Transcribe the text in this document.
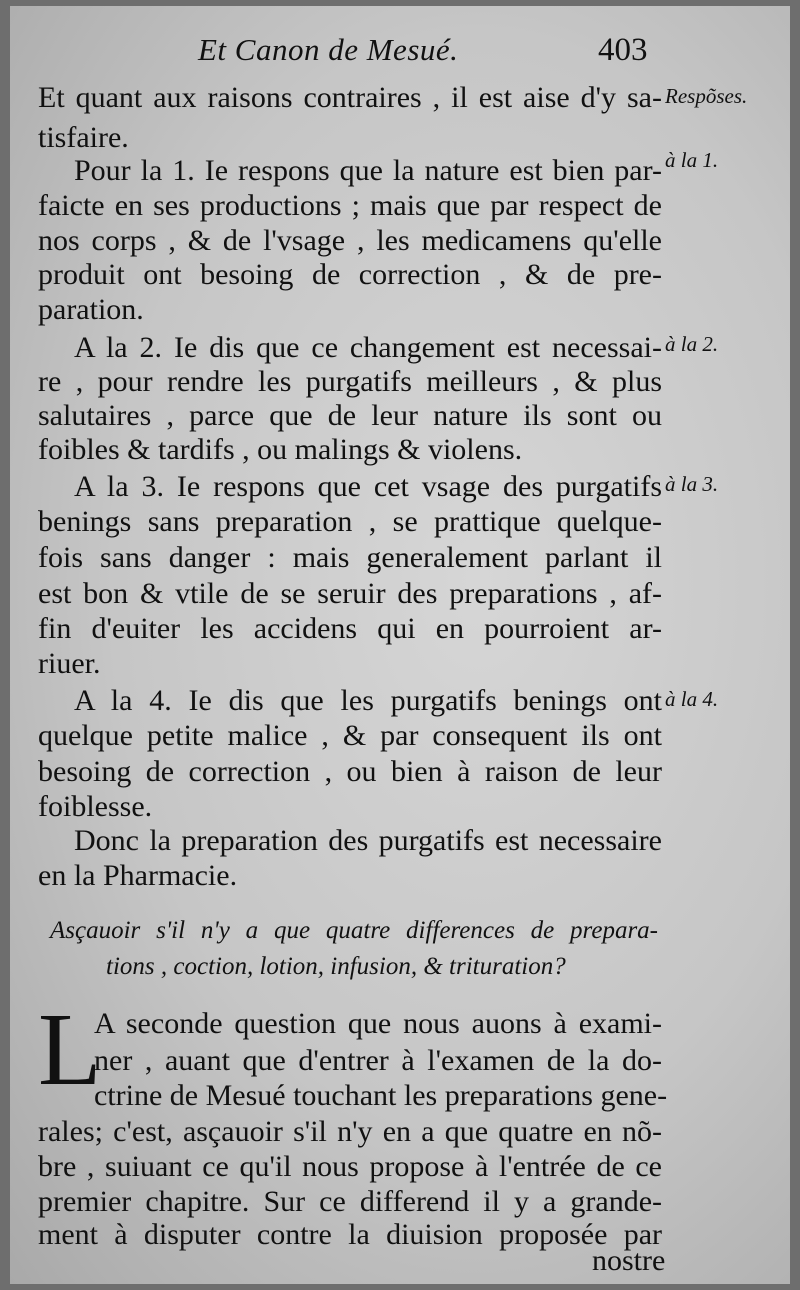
Et Canon de Mesué.	403
Et quant aux raisons contraires , il est aise d'y sa-
tisfaire.
Pour la 1. Ie respons que la nature est bien par-
faicte en ses productions ; mais que par respect de
nos corps , & de l'vsage , les medicamens qu'elle
produit ont besoing de correction , & de pre-
paration.
A la 2. Ie dis que ce changement est necessai-
re , pour rendre les purgatifs meilleurs , & plus
salutaires , parce que de leur nature ils sont ou
foibles & tardifs , ou malings & violens.
A la 3. Ie respons que cet vsage des purgatifs
benings sans preparation , se prattique quelque-
fois sans danger : mais generalement parlant il
est bon & vtile de se seruir des preparations , af-
fin d'euiter les accidens qui en pourroient ar-
riuer.
A la 4. Ie dis que les purgatifs benings ont
quelque petite malice , & par consequent ils ont
besoing de correction , ou bien à raison de leur
foiblesse.
Donc la preparation des purgatifs est necessaire
en la Pharmacie.
Respõses.
à la 1.
à la 2.
à la 3.
à la 4.
Asçauoir s'il n'y a que quatre differences de prepara-
tions , coction, lotion, infusion, & trituration?
L
A seconde question que nous auons à exami-
ner , auant que d'entrer à l'examen de la do-
ctrine de Mesué touchant les preparations gene-
rales; c'est, asçauoir s'il n'y en a que quatre en nõ-
bre , suiuant ce qu'il nous propose à l'entrée de ce
premier chapitre. Sur ce differend il y a grande-
ment à disputer contre la diuision proposée par
nostre
